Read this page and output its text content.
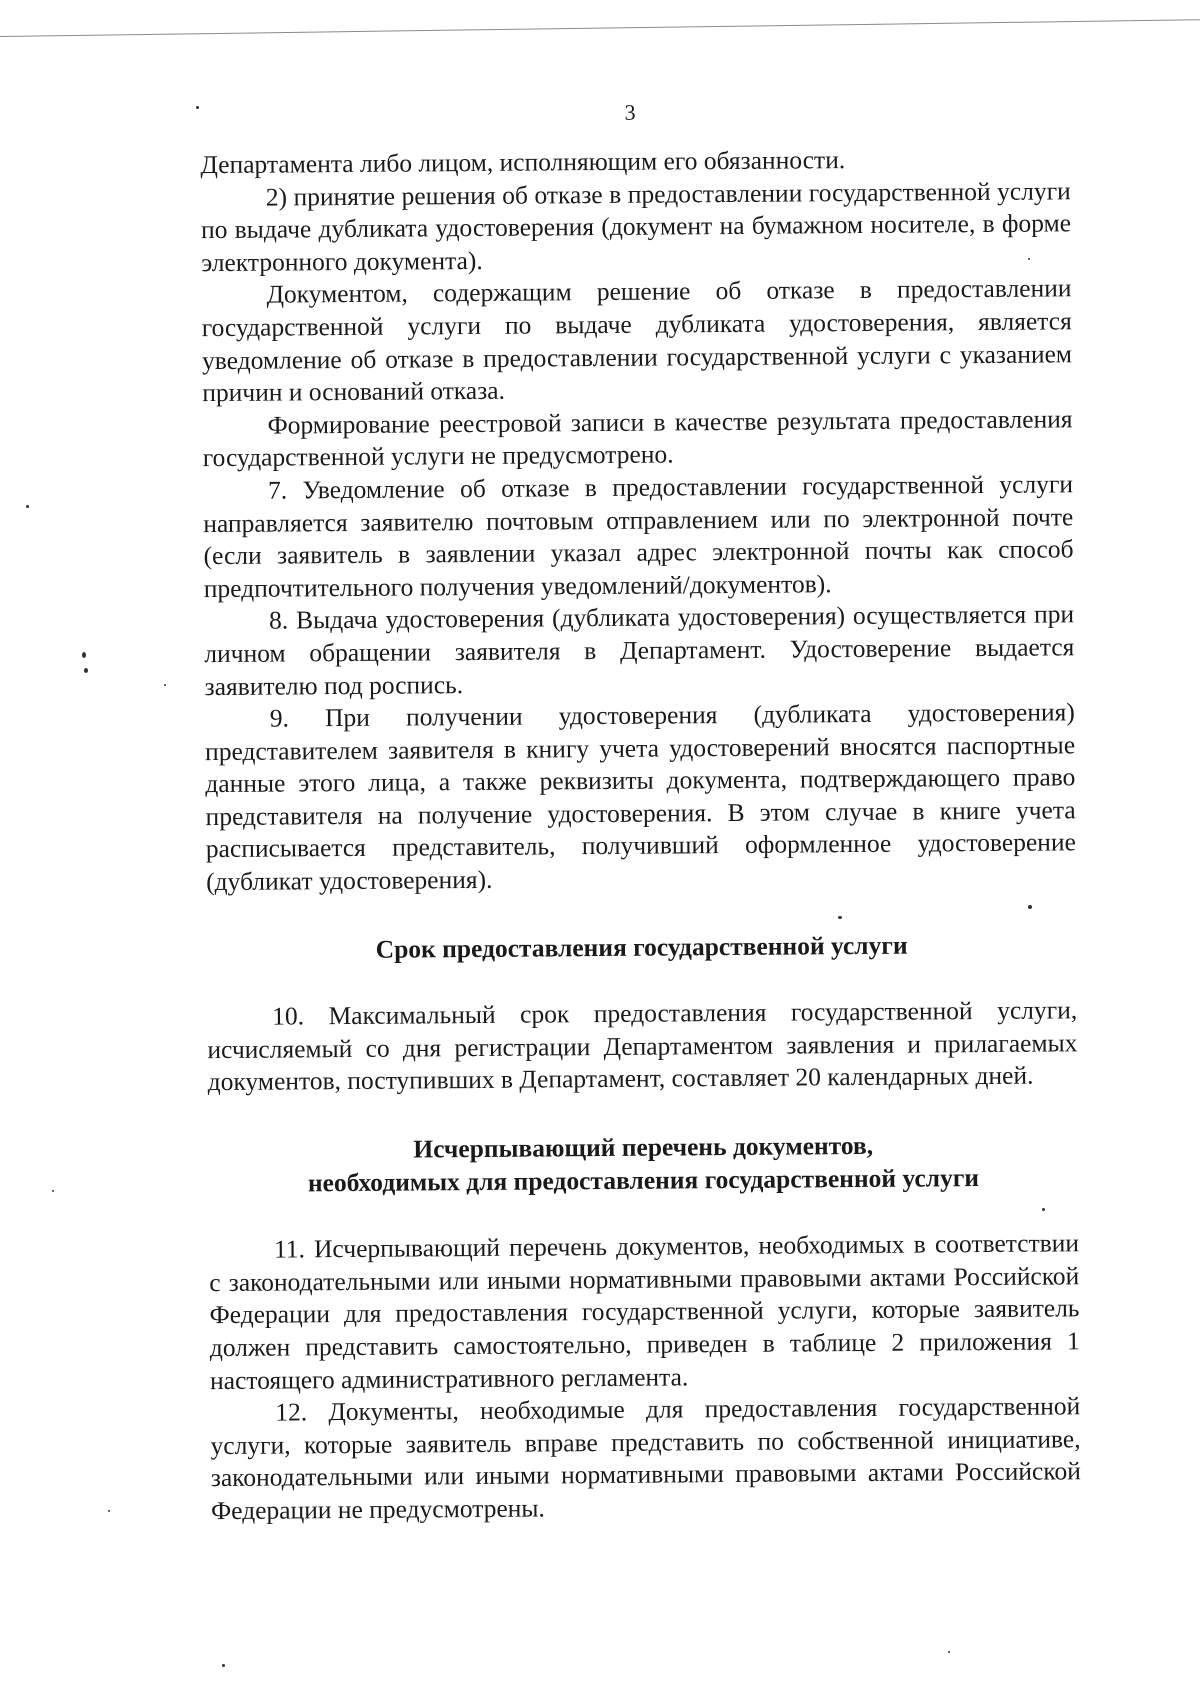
3

Департамента либо лицом, исполняющим его обязанности.

2) принятие решения об отказе в предоставлении государственной услуги по выдаче дубликата удостоверения (документ на бумажном носителе, в форме электронного документа).

Документом, содержащим решение об отказе в предоставлении государственной услуги по выдаче дубликата удостоверения, является уведомление об отказе в предоставлении государственной услуги с указанием причин и оснований отказа.

Формирование реестровой записи в качестве результата предоставления государственной услуги не предусмотрено.

7. Уведомление об отказе в предоставлении государственной услуги направляется заявителю почтовым отправлением или по электронной почте (если заявитель в заявлении указал адрес электронной почты как способ предпочтительного получения уведомлений/документов).

8. Выдача удостоверения (дубликата удостоверения) осуществляется при личном обращении заявителя в Департамент. Удостоверение выдается заявителю под роспись.

9. При получении удостоверения (дубликата удостоверения) представителем заявителя в книгу учета удостоверений вносятся паспортные данные этого лица, а также реквизиты документа, подтверждающего право представителя на получение удостоверения. В этом случае в книге учета расписывается представитель, получивший оформленное удостоверение (дубликат удостоверения).

Срок предоставления государственной услуги

10. Максимальный срок предоставления государственной услуги, исчисляемый со дня регистрации Департаментом заявления и прилагаемых документов, поступивших в Департамент, составляет 20 календарных дней.

Исчерпывающий перечень документов,
необходимых для предоставления государственной услуги

11. Исчерпывающий перечень документов, необходимых в соответствии с законодательными или иными нормативными правовыми актами Российской Федерации для предоставления государственной услуги, которые заявитель должен представить самостоятельно, приведен в таблице 2 приложения 1 настоящего административного регламента.

12. Документы, необходимые для предоставления государственной услуги, которые заявитель вправе представить по собственной инициативе, законодательными или иными нормативными правовыми актами Российской Федерации не предусмотрены.
